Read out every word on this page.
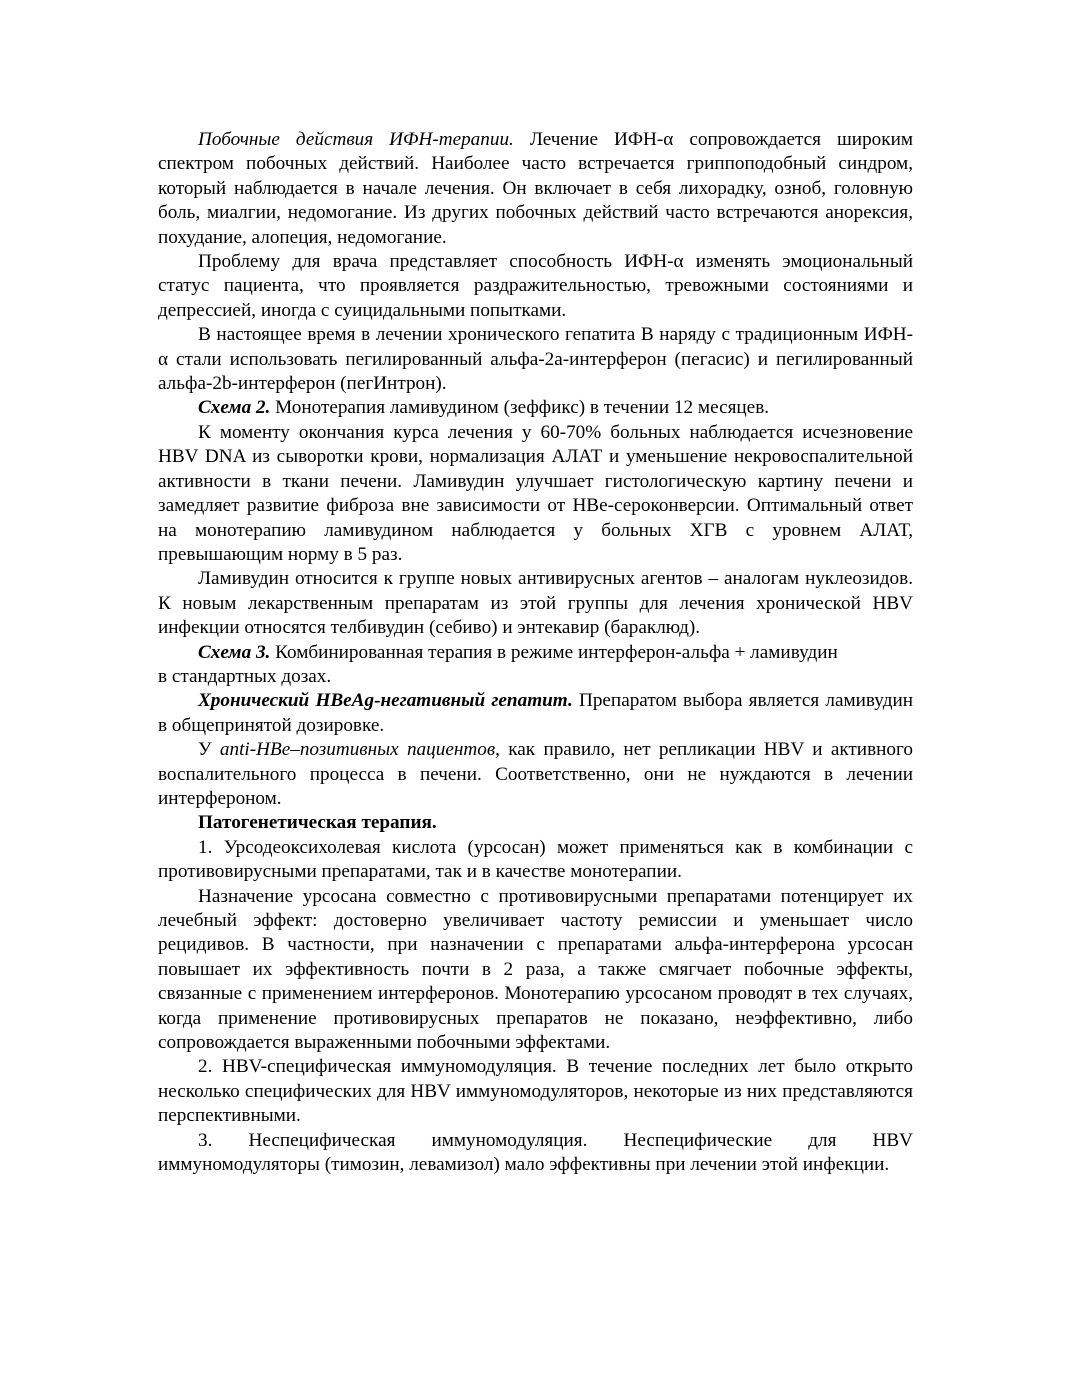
Побочные действия ИФН-терапии. Лечение ИФН-α сопровождается широким спектром побочных действий. Наиболее часто встречается гриппоподобный синдром, который наблюдается в начале лечения. Он включает в себя лихорадку, озноб, головную боль, миалгии, недомогание. Из других побочных действий часто встречаются анорексия, похудание, алопеция, недомогание.

Проблему для врача представляет способность ИФН-α изменять эмоциональный статус пациента, что проявляется раздражительностью, тревожными состояниями и депрессией, иногда с суицидальными попытками.

В настоящее время в лечении хронического гепатита В наряду с традиционным ИФН-α стали использовать пегилированный альфа-2a-интерферон (пегасис) и пегилированный альфа-2b-интерферон (пегИнтрон).

Схема 2. Монотерапия ламивудином (зеффикс) в течении 12 месяцев.

К моменту окончания курса лечения у 60-70% больных наблюдается исчезновение HBV DNA из сыворотки крови, нормализация АЛАТ и уменьшение некровоспалительной активности в ткани печени. Ламивудин улучшает гистологическую картину печени и замедляет развитие фиброза вне зависимости от HBe-сероконверсии. Оптимальный ответ на монотерапию ламивудином наблюдается у больных ХГВ с уровнем АЛАТ, превышающим норму в 5 раз.

Ламивудин относится к группе новых антивирусных агентов – аналогам нуклеозидов. К новым лекарственным препаратам из этой группы для лечения хронической HBV инфекции относятся телбивудин (себиво) и энтекавир (бараклюд).

Схема 3. Комбинированная терапия в режиме интерферон-альфа + ламивудин
в стандартных дозах.

Хронический HBeAg-негативный гепатит. Препаратом выбора является ламивудин в общепринятой дозировке.

У anti-HBe–позитивных пациентов, как правило, нет репликации HBV и активного воспалительного процесса в печени. Соответственно, они не нуждаются в лечении интерфероном.

Патогенетическая терапия.

1. Урсодеоксихолевая кислота (урсосан) может применяться как в комбинации с противовирусными препаратами, так и в качестве монотерапии.

Назначение урсосана совместно с противовирусными препаратами потенцирует их лечебный эффект: достоверно увеличивает частоту ремиссии и уменьшает число рецидивов. В частности, при назначении с препаратами альфа-интерферона урсосан повышает их эффективность почти в 2 раза, а также смягчает побочные эффекты, связанные с применением интерферонов. Монотерапию урсосаном проводят в тех случаях, когда применение противовирусных препаратов не показано, неэффективно, либо сопровождается выраженными побочными эффектами.

2. HBV-специфическая иммуномодуляция. В течение последних лет было открыто несколько специфических для HBV иммуномодуляторов, некоторые из них представляются перспективными.

3. Неспецифическая иммуномодуляция. Неспецифические для HBV иммуномодуляторы (тимозин, левамизол) мало эффективны при лечении этой инфекции.
